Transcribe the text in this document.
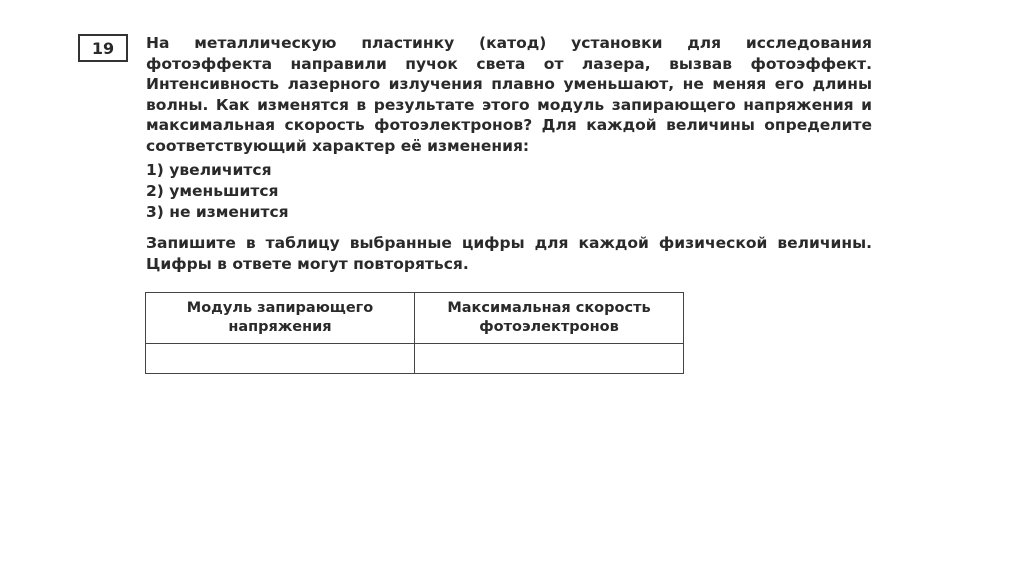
19	На металлическую пластинку (катод) установки для исследования фотоэффекта направили пучок света от лазера, вызвав фотоэффект. Интенсивность лазерного излучения плавно уменьшают, не меняя его длины волны. Как изменятся в результате этого модуль запирающего напряжения и максимальная скорость фотоэлектронов? Для каждой величины определите соответствующий характер её изменения:

1) увеличится
2) уменьшится
3) не изменится

Запишите в таблицу выбранные цифры для каждой физической величины. Цифры в ответе могут повторяться.

Модуль запирающего напряжения	Максимальная скорость фотоэлектронов
